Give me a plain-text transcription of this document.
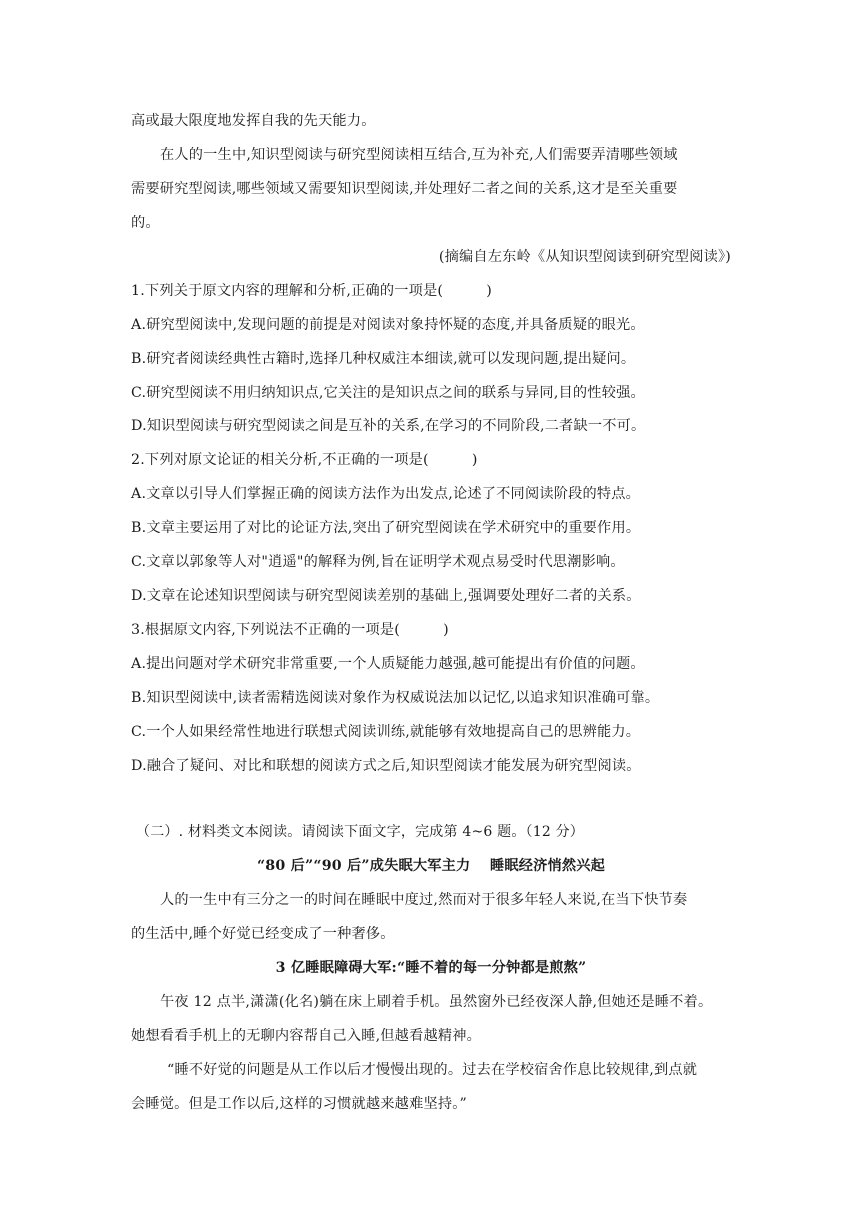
高或最大限度地发挥自我的先天能力。
在人的一生中,知识型阅读与研究型阅读相互结合,互为补充,人们需要弄清哪些领域
需要研究型阅读,哪些领域又需要知识型阅读,并处理好二者之间的关系,这才是至关重要
的。
(摘编自左东岭《从知识型阅读到研究型阅读》)
1.下列关于原文内容的理解和分析,正确的一项是(　　　)
A.研究型阅读中,发现问题的前提是对阅读对象持怀疑的态度,并具备质疑的眼光。
B.研究者阅读经典性古籍时,选择几种权威注本细读,就可以发现问题,提出疑问。
C.研究型阅读不用归纳知识点,它关注的是知识点之间的联系与异同,目的性较强。
D.知识型阅读与研究型阅读之间是互补的关系,在学习的不同阶段,二者缺一不可。
2.下列对原文论证的相关分析,不正确的一项是(　　　)
A.文章以引导人们掌握正确的阅读方法作为出发点,论述了不同阅读阶段的特点。
B.文章主要运用了对比的论证方法,突出了研究型阅读在学术研究中的重要作用。
C.文章以郭象等人对"逍遥"的解释为例,旨在证明学术观点易受时代思潮影响。
D.文章在论述知识型阅读与研究型阅读差别的基础上,强调要处理好二者的关系。
3.根据原文内容,下列说法不正确的一项是(　　　)
A.提出问题对学术研究非常重要,一个人质疑能力越强,越可能提出有价值的问题。
B.知识型阅读中,读者需精选阅读对象作为权威说法加以记忆,以追求知识准确可靠。
C.一个人如果经常性地进行联想式阅读训练,就能够有效地提高自己的思辨能力。
D.融合了疑问、对比和联想的阅读方式之后,知识型阅读才能发展为研究型阅读。
（二）. 材料类文本阅读。请阅读下面文字，完成第 4~6 题。（12 分）
“80 后”“90 后”成失眠大军主力　 睡眠经济悄然兴起
人的一生中有三分之一的时间在睡眠中度过,然而对于很多年轻人来说,在当下快节奏
的生活中,睡个好觉已经变成了一种奢侈。
3 亿睡眠障碍大军:“睡不着的每一分钟都是煎熬”
午夜 12 点半,潇潇(化名)躺在床上刷着手机。虽然窗外已经夜深人静,但她还是睡不着。
她想看看手机上的无聊内容帮自己入睡,但越看越精神。
“睡不好觉的问题是从工作以后才慢慢出现的。过去在学校宿舍作息比较规律,到点就
会睡觉。但是工作以后,这样的习惯就越来越难坚持。”
